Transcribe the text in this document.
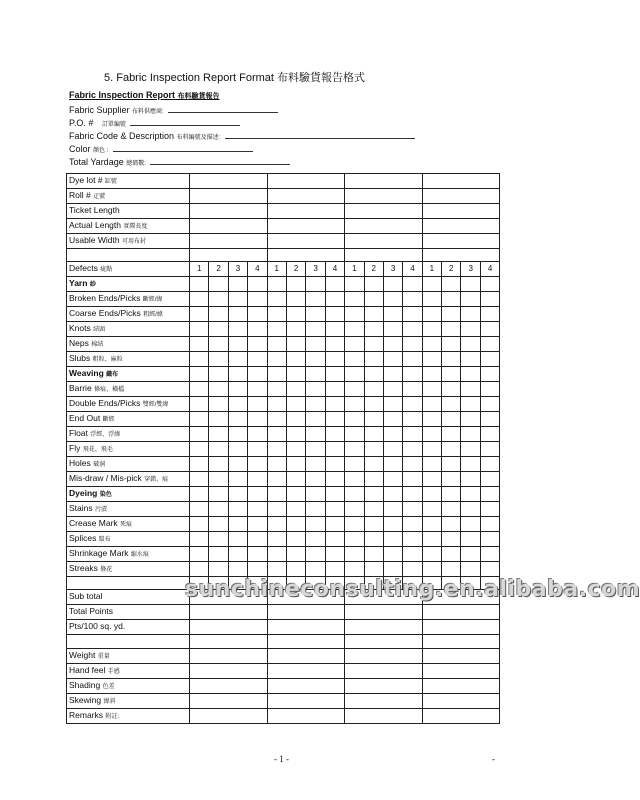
5. Fabric Inspection Report Format 布料驗貨報告格式
Fabric Inspection Report 布料驗貨報告
Fabric Supplier 布料供應商:
P.O. # 訂單編號
Fabric Code & Description 布料編號及描述:
Color 顏色 :
Total Yardage 總碼數:
Dye lot # 缸號																
Roll # 疋號																
Ticket Length																
Actual Length 實際長度																
Usable Width 可用布封																

Defects 疵點	1	2	3	4	1	2	3	4	1	2	3	4	1	2	3	4
Yarn 紗																
Broken Ends/Picks 斷經/緯																
Coarse Ends/Picks 粗經/緯																
Knots 結頭																
Neps 棉結																
Slubs 粗粒、麻粒																
Weaving 織布																
Barrie 條痕、橫檔																
Double Ends/Picks 雙經/雙緯																
End Out 斷經																
Float 浮經、浮緯																
Fly 飛花、飛毛																
Holes 破洞																
Mis-draw / Mis-pick 穿錯、痕																
Dyeing 染色																
Stains 污漬																
Crease Mark 死痕																
Splices 駁布																
Shrinkage Mark 縮水痕																
Streaks 條花																

Sub total																
Total Points																
Pts/100 sq. yd.																

Weight 重量																
Hand feel 手感																
Shading 色差																
Skewing 緯斜																
Remarks 附註:																
sunchineconsulting.en.alibaba.com
- 1 -	-
